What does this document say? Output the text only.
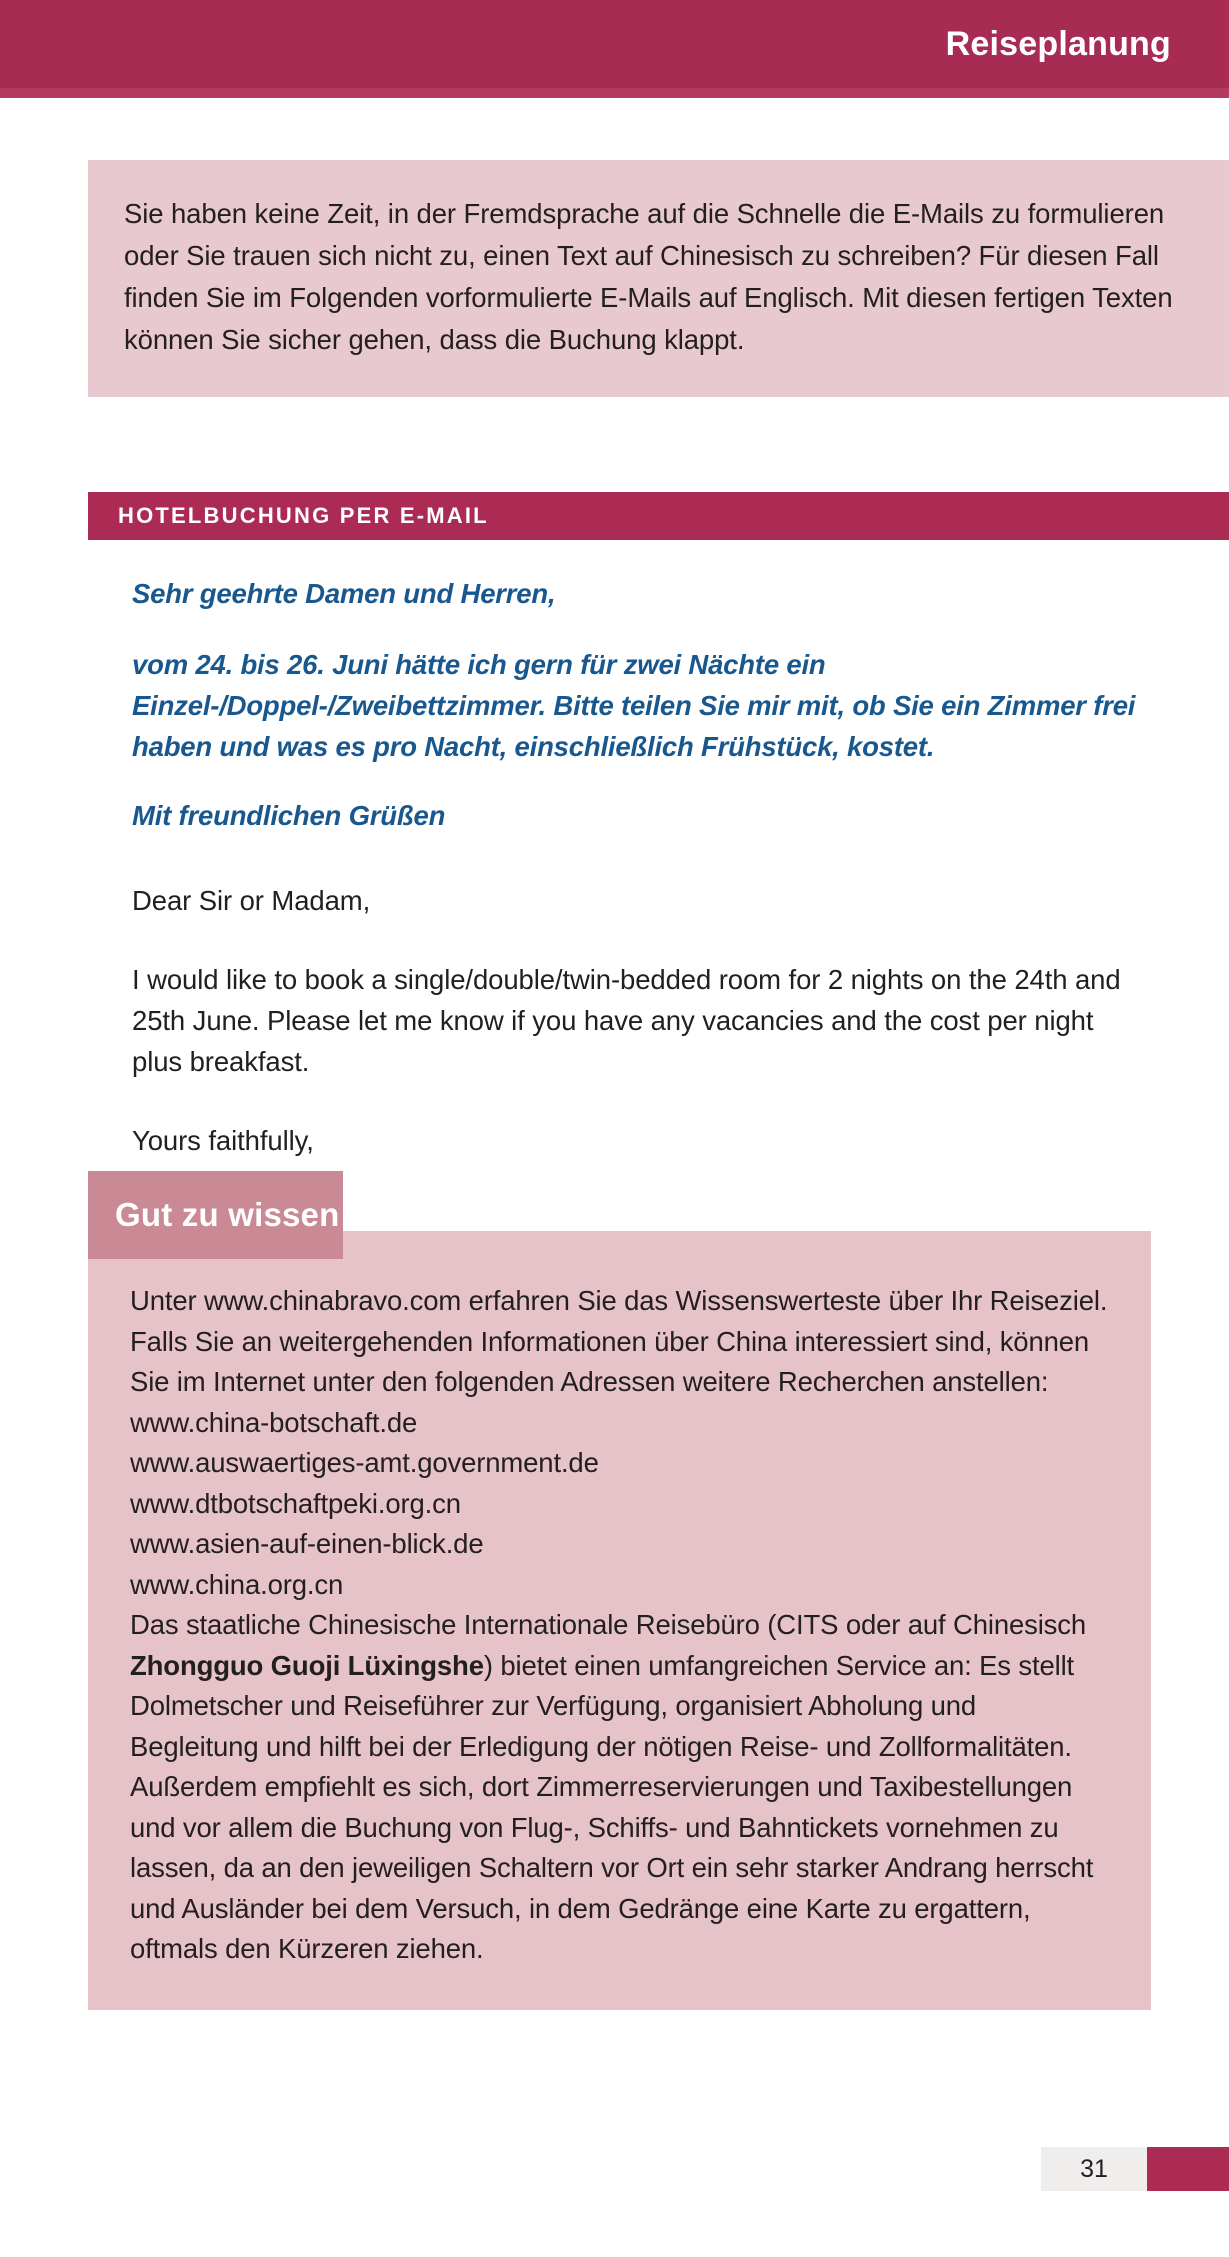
Reiseplanung
Sie haben keine Zeit, in der Fremdsprache auf die Schnelle die E-Mails zu formulieren oder Sie trauen sich nicht zu, einen Text auf Chinesisch zu schreiben? Für diesen Fall finden Sie im Folgenden vorformulierte E-Mails auf Englisch. Mit diesen fertigen Texten können Sie sicher gehen, dass die Buchung klappt.
HOTELBUCHUNG PER E-MAIL

Sehr geehrte Damen und Herren,

vom 24. bis 26. Juni hätte ich gern für zwei Nächte ein Einzel-/Doppel-/Zweibettzimmer. Bitte teilen Sie mir mit, ob Sie ein Zimmer frei haben und was es pro Nacht, einschließlich Frühstück, kostet.

Mit freundlichen Grüßen

Dear Sir or Madam,

I would like to book a single/double/twin-bedded room for 2 nights on the 24th and 25th June. Please let me know if you have any vacancies and the cost per night plus breakfast.

Yours faithfully,

Unter www.chinabravo.com erfahren Sie das Wissenswerteste über Ihr Reiseziel. Falls Sie an weitergehenden Informationen über China interessiert sind, können Sie im Internet unter den folgenden Adressen weitere Recherchen anstellen:

www.china-botschaft.de

www.auswaertiges-amt.government.de

www.dtbotschaftpeki.org.cn

www.asien-auf-einen-blick.de

www.china.org.cn

Das staatliche Chinesische Internationale Reisebüro (CITS oder auf Chinesisch Zhongguo Guoji Lüxingshe) bietet einen umfangreichen Service an: Es stellt Dolmetscher und Reiseführer zur Verfügung, organisiert Abholung und Begleitung und hilft bei der Erledigung der nötigen Reise- und Zollformalitäten. Außerdem empfiehlt es sich, dort Zimmerreservierungen und Taxibestellungen und vor allem die Buchung von Flug-, Schiffs- und Bahntickets vornehmen zu lassen, da an den jeweiligen Schaltern vor Ort ein sehr starker Andrang herrscht und Ausländer bei dem Versuch, in dem Gedränge eine Karte zu ergattern, oftmals den Kürzeren ziehen.

Gut zu wissen
31
